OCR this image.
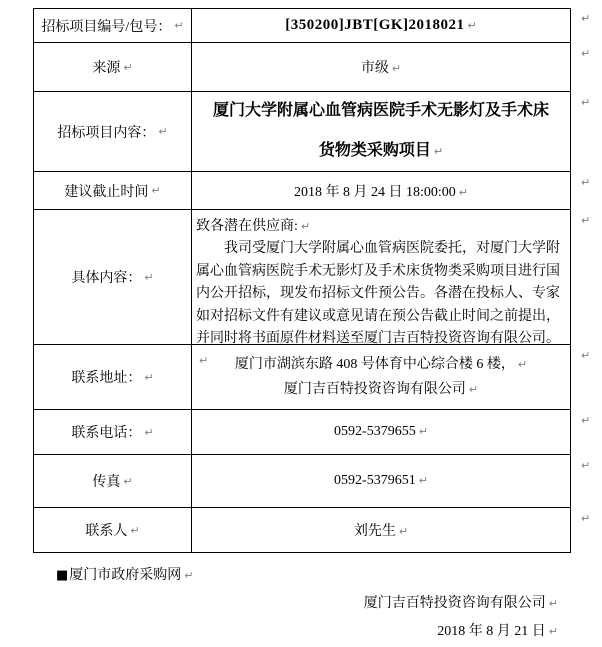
招标项目编号/包号： ↵	[350200]JBT[GK]2018021 ↵
↵
来源 ↵	市级 ↵
↵
招标项目内容： ↵
厦门大学附属心血管病医院手术无影灯及手术床
货物类采购项目 ↵
↵
建议截止时间 ↵	2018 年 8 月 24 日 18:00:00 ↵
↵
具体内容： ↵
致各潜在供应商: ↵

我司受厦门大学附属心血管病医院委托，对厦门大学附属心血管病医院手术无影灯及手术床货物类采购项目进行国内公开招标，现发布招标文件预公告。各潜在投标人、专家如对招标文件有建议或意见请在预公告截止时间之前提出，并同时将书面原件材料送至厦门吉百特投资咨询有限公司。↵

↵
联系地址： ↵
厦门市湖滨东路 408 号体育中心综合楼 6 楼， ↵
厦门吉百特投资咨询有限公司 ↵
↵
联系电话： ↵	0592-5379655 ↵
↵
传真 ↵	0592-5379651 ↵
↵
联系人 ↵	刘先生 ↵
↵
■厦门市政府采购网 ↵
厦门吉百特投资咨询有限公司 ↵
2018 年 8 月 21 日 ↵
